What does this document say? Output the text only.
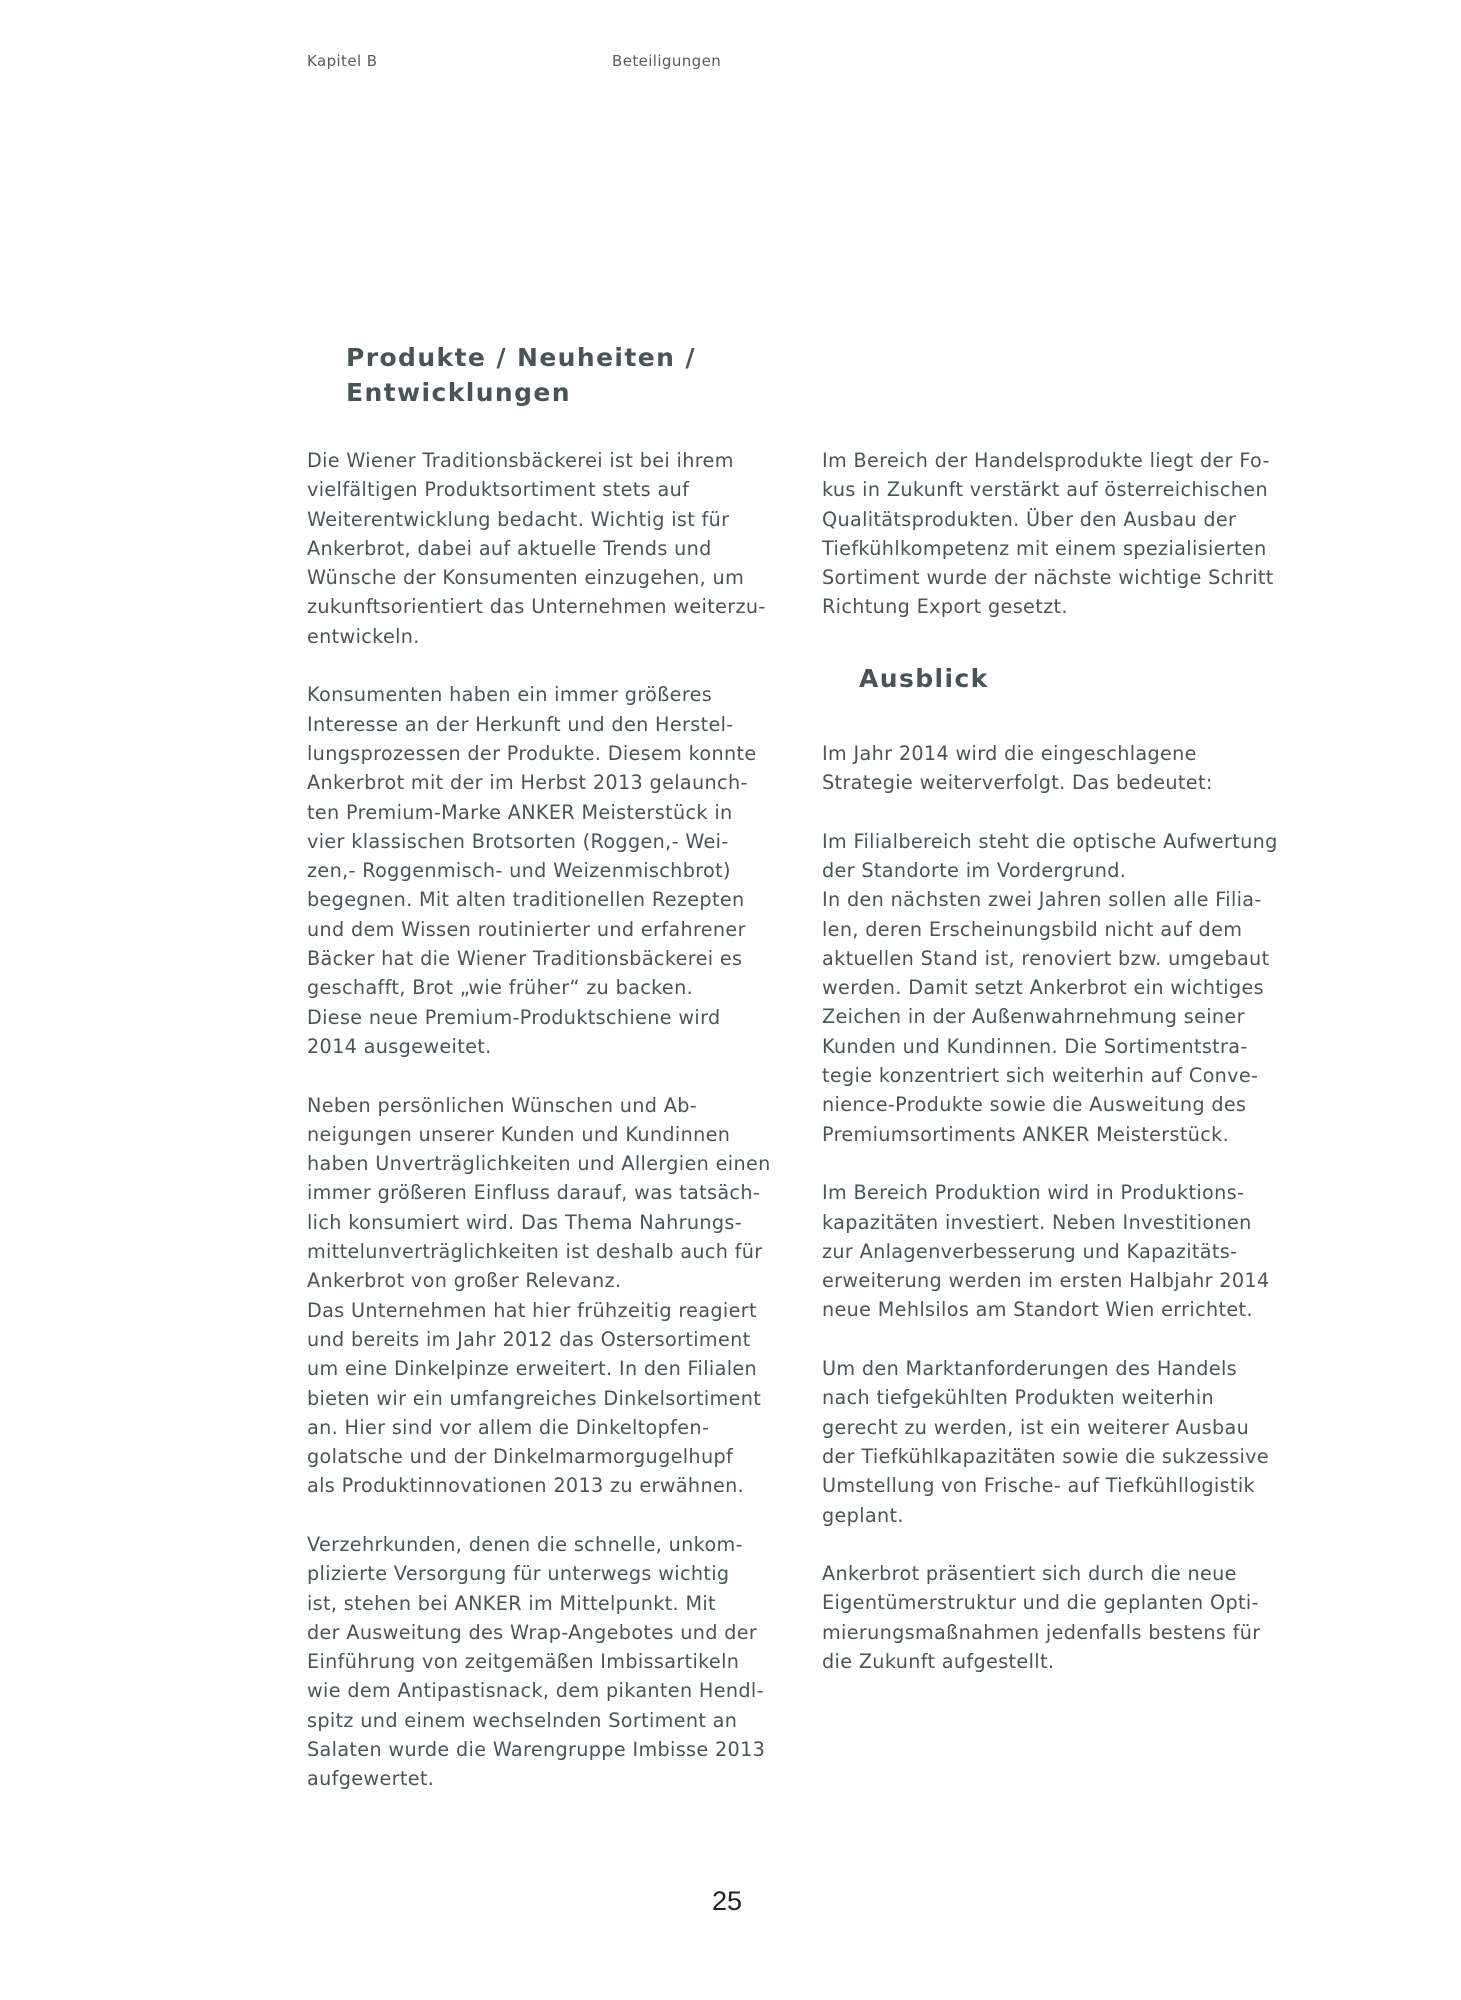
Kapitel B	Beteiligungen
Produkte / Neuheiten /
Entwicklungen
Die Wiener Traditionsbäckerei ist bei ihrem
vielfältigen Produktsortiment stets auf
Weiterentwicklung bedacht. Wichtig ist für
Ankerbrot, dabei auf aktuelle Trends und
Wünsche der Konsumenten einzugehen, um
zukunftsorientiert das Unternehmen weiterzu-
entwickeln.
Konsumenten haben ein immer größeres
Interesse an der Herkunft und den Herstel-
lungsprozessen der Produkte. Diesem konnte
Ankerbrot mit der im Herbst 2013 gelaunch-
ten Premium-Marke ANKER Meisterstück in
vier klassischen Brotsorten (Roggen,- Wei-
zen,- Roggenmisch- und Weizenmischbrot)
begegnen. Mit alten traditionellen Rezepten
und dem Wissen routinierter und erfahrener
Bäcker hat die Wiener Traditionsbäckerei es
geschafft, Brot „wie früher“ zu backen.
Diese neue Premium-Produktschiene wird
2014 ausgeweitet.
Neben persönlichen Wünschen und Ab-
neigungen unserer Kunden und Kundinnen
haben Unverträglichkeiten und Allergien einen
immer größeren Einfluss darauf, was tatsäch-
lich konsumiert wird. Das Thema Nahrungs-
mittelunverträglichkeiten ist deshalb auch für
Ankerbrot von großer Relevanz.
Das Unternehmen hat hier frühzeitig reagiert
und bereits im Jahr 2012 das Ostersortiment
um eine Dinkelpinze erweitert. In den Filialen
bieten wir ein umfangreiches Dinkelsortiment
an. Hier sind vor allem die Dinkeltopfen-
golatsche und der Dinkelmarmorgugelhupf
als Produktinnovationen 2013 zu erwähnen.
Verzehrkunden, denen die schnelle, unkom-
plizierte Versorgung für unterwegs wichtig
ist, stehen bei ANKER im Mittelpunkt. Mit
der Ausweitung des Wrap-Angebotes und der
Einführung von zeitgemäßen Imbissartikeln
wie dem Antipastisnack, dem pikanten Hendl-
spitz und einem wechselnden Sortiment an
Salaten wurde die Warengruppe Imbisse 2013
aufgewertet.
Im Bereich der Handelsprodukte liegt der Fo-
kus in Zukunft verstärkt auf österreichischen
Qualitätsprodukten. Über den Ausbau der
Tiefkühlkompetenz mit einem spezialisierten
Sortiment wurde der nächste wichtige Schritt
Richtung Export gesetzt.
Ausblick
Im Jahr 2014 wird die eingeschlagene
Strategie weiterverfolgt. Das bedeutet:
Im Filialbereich steht die optische Aufwertung
der Standorte im Vordergrund.
In den nächsten zwei Jahren sollen alle Filia-
len, deren Erscheinungsbild nicht auf dem
aktuellen Stand ist, renoviert bzw. umgebaut
werden. Damit setzt Ankerbrot ein wichtiges
Zeichen in der Außenwahrnehmung seiner
Kunden und Kundinnen. Die Sortimentstra-
tegie konzentriert sich weiterhin auf Conve-
nience-Produkte sowie die Ausweitung des
Premiumsortiments ANKER Meisterstück.
Im Bereich Produktion wird in Produktions-
kapazitäten investiert. Neben Investitionen
zur Anlagenverbesserung und Kapazitäts-
erweiterung werden im ersten Halbjahr 2014
neue Mehlsilos am Standort Wien errichtet.
Um den Marktanforderungen des Handels
nach tiefgekühlten Produkten weiterhin
gerecht zu werden, ist ein weiterer Ausbau
der Tiefkühlkapazitäten sowie die sukzessive
Umstellung von Frische- auf Tiefkühllogistik
geplant.
Ankerbrot präsentiert sich durch die neue
Eigentümerstruktur und die geplanten Opti-
mierungsmaßnahmen jedenfalls bestens für
die Zukunft aufgestellt.
25
